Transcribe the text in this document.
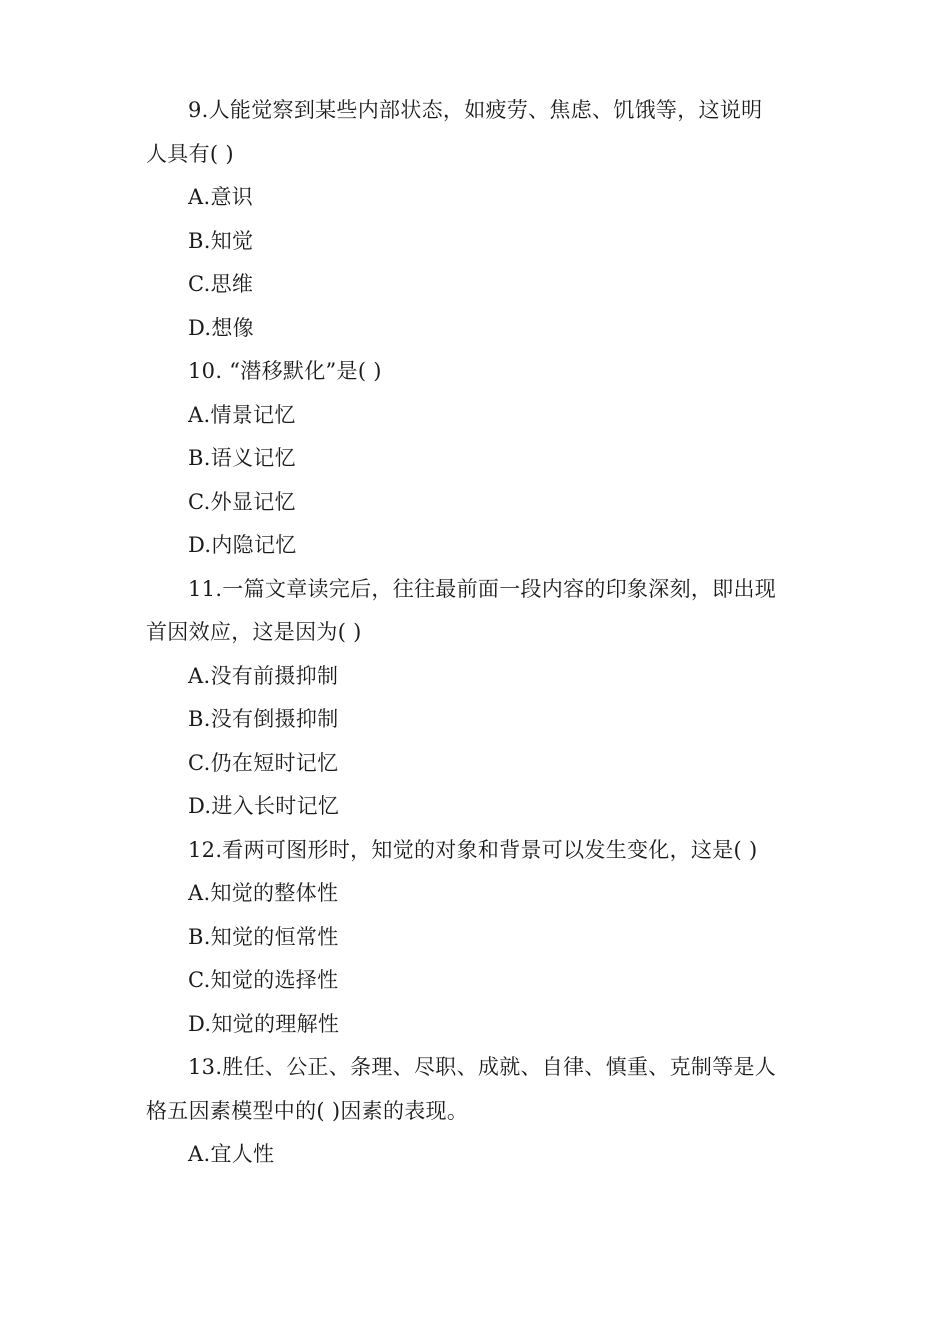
9.人能觉察到某些内部状态，如疲劳、焦虑、饥饿等，这说明
人具有( )
A.意识
B.知觉
C.思维
D.想像
10. “潜移默化”是( )
A.情景记忆
B.语义记忆
C.外显记忆
D.内隐记忆
11.一篇文章读完后，往往最前面一段内容的印象深刻，即出现
首因效应，这是因为( )
A.没有前摄抑制
B.没有倒摄抑制
C.仍在短时记忆
D.进入长时记忆
12.看两可图形时，知觉的对象和背景可以发生变化，这是( )
A.知觉的整体性
B.知觉的恒常性
C.知觉的选择性
D.知觉的理解性
13.胜任、公正、条理、尽职、成就、自律、慎重、克制等是人
格五因素模型中的( )因素的表现。
A.宜人性
